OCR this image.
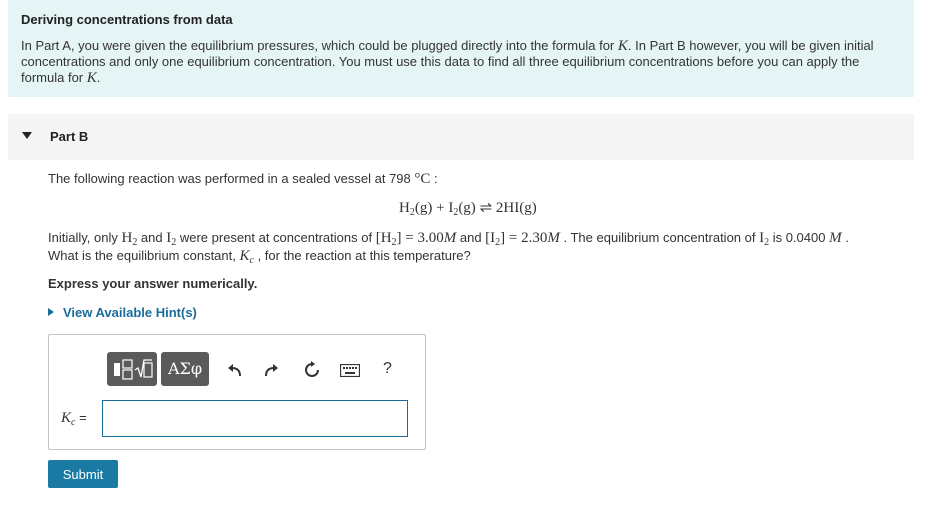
Deriving concentrations from data
In Part A, you were given the equilibrium pressures, which could be plugged directly into the formula for K. In Part B however, you will be given initial concentrations and only one equilibrium concentration. You must use this data to find all three equilibrium concentrations before you can apply the formula for K.
Part B
The following reaction was performed in a sealed vessel at 798 °C :
$H_2(g) + I_2(g)$ ⇌ 2HI(g)
Initially, only $H_2$ and $I_2$ were present at concentrations of $[H_2] = 3.00M$ and $[I_2] = 2.30M$ . The equilibrium concentration of $I_2$ is 0.0400 M .
What is the equilibrium constant, $K_c$ , for the reaction at this temperature?
Express your answer numerically.
View Available Hint(s)
ΑΣφ	?
$K_c$ =
Submit
